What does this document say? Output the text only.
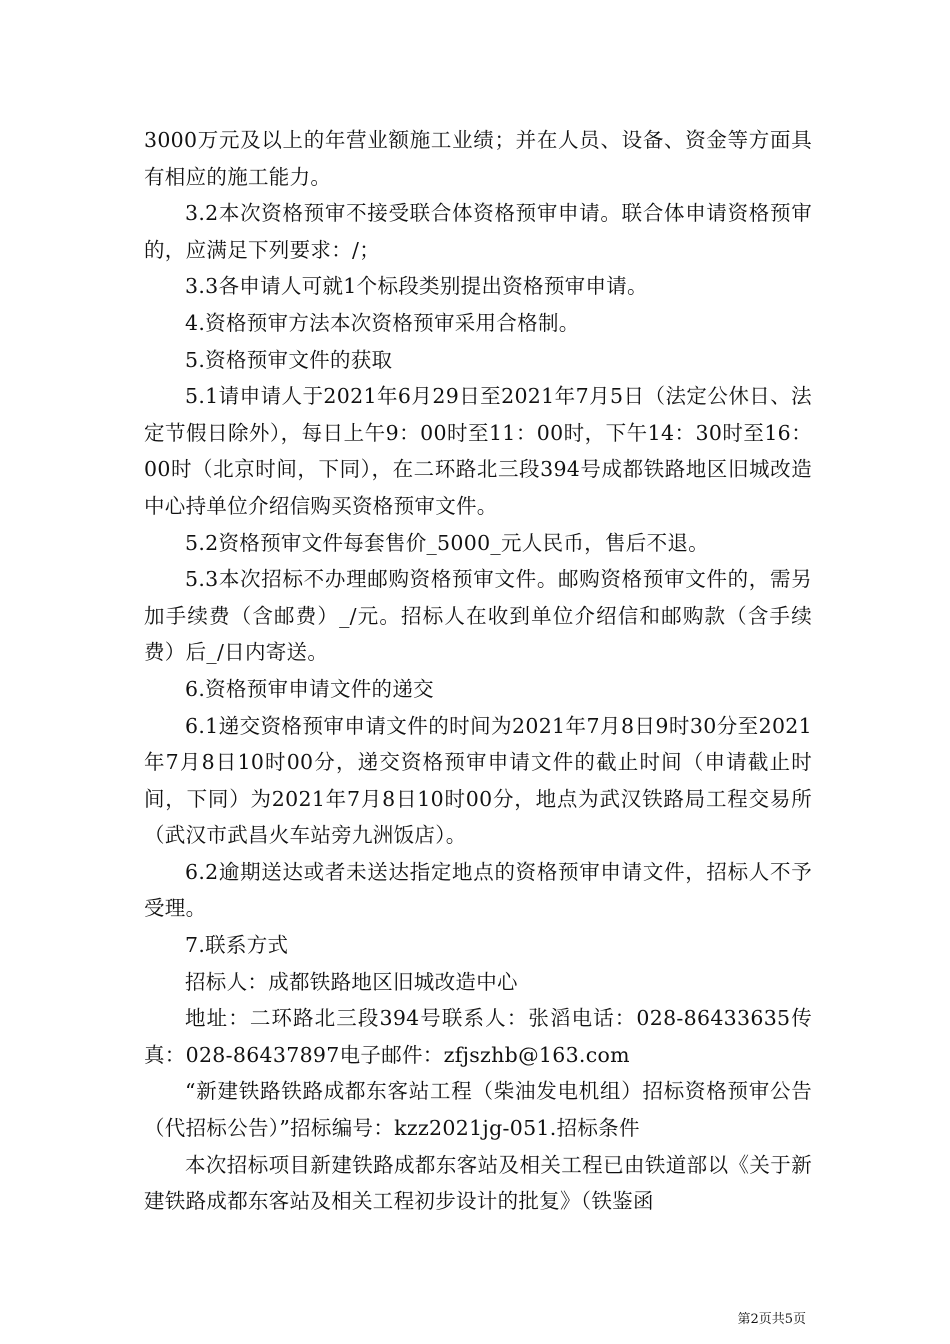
3000万元及以上的年营业额施工业绩；并在人员、设备、资金等方面具有相应的施工能力。

3.2本次资格预审不接受联合体资格预审申请。联合体申请资格预审的，应满足下列要求：/；

3.3各申请人可就1个标段类别提出资格预审申请。

4.资格预审方法本次资格预审采用合格制。

5.资格预审文件的获取

5.1请申请人于2021年6月29日至2021年7月5日（法定公休日、法定节假日除外），每日上午9：00时至11：00时，下午14：30时至16：00时（北京时间，下同），在二环路北三段394号成都铁路地区旧城改造中心持单位介绍信购买资格预审文件。

5.2资格预审文件每套售价_5000_元人民币，售后不退。

5.3本次招标不办理邮购资格预审文件。邮购资格预审文件的，需另加手续费（含邮费）_/元。招标人在收到单位介绍信和邮购款（含手续费）后_/日内寄送。

6.资格预审申请文件的递交

6.1递交资格预审申请文件的时间为2021年7月8日9时30分至2021年7月8日10时00分，递交资格预审申请文件的截止时间（申请截止时间，下同）为2021年7月8日10时00分，地点为武汉铁路局工程交易所（武汉市武昌火车站旁九洲饭店）。

6.2逾期送达或者未送达指定地点的资格预审申请文件，招标人不予受理。

7.联系方式

招标人：成都铁路地区旧城改造中心

地址：二环路北三段394号联系人：张滔电话：028-86433635传真：028-86437897电子邮件：zfjszhb@163.com

“新建铁路铁路成都东客站工程（柴油发电机组）招标资格预审公告（代招标公告）”招标编号：kzz2021jg-051.招标条件

本次招标项目新建铁路成都东客站及相关工程已由铁道部以《关于新建铁路成都东客站及相关工程初步设计的批复》（铁鉴函

第2页共5页
